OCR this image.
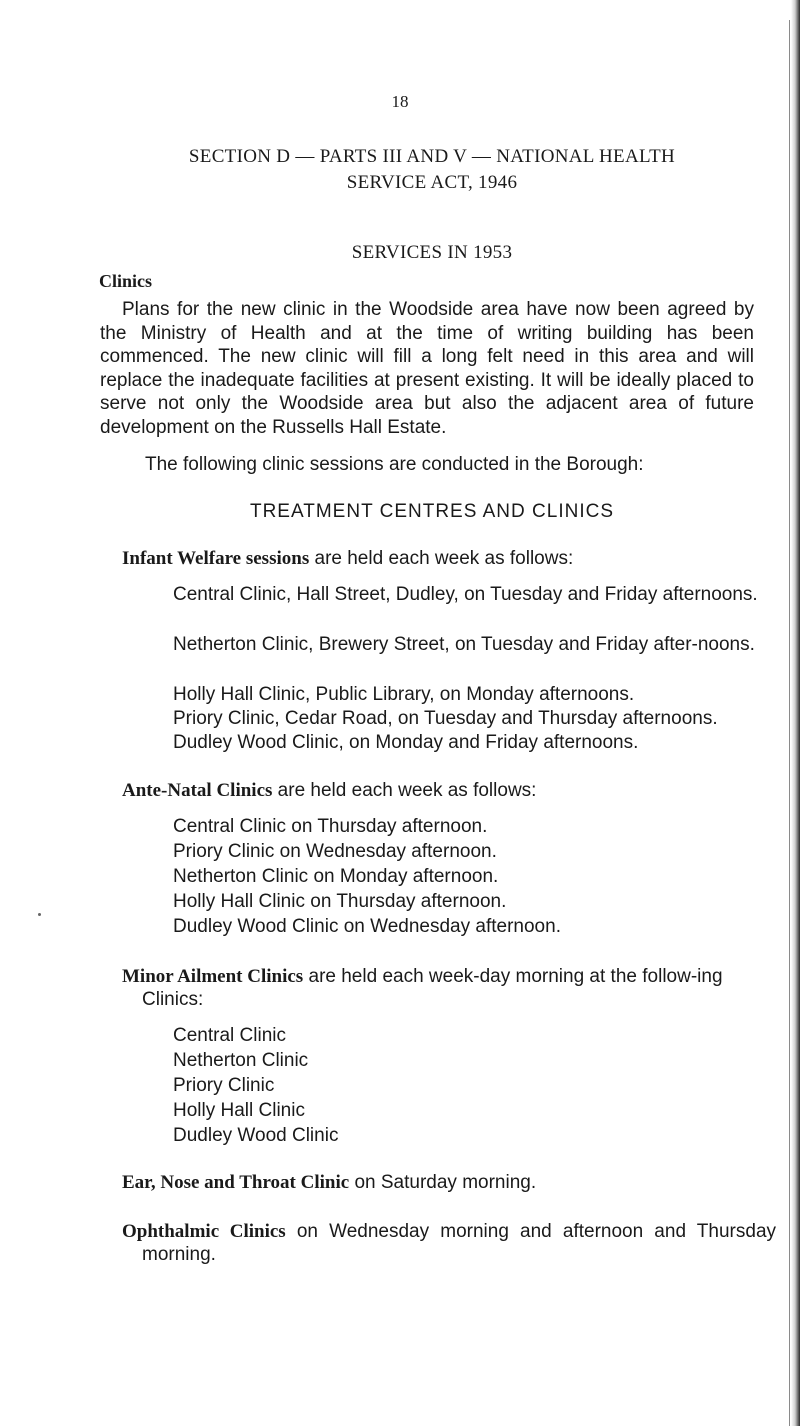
18
SECTION D — PARTS III AND V — NATIONAL HEALTH
SERVICE ACT, 1946
SERVICES IN 1953
Clinics

Plans for the new clinic in the Woodside area have now been agreed by the Ministry of Health and at the time of writing building has been commenced. The new clinic will fill a long felt need in this area and will replace the inadequate facilities at present existing. It will be ideally placed to serve not only the Woodside area but also the adjacent area of future development on the Russells Hall Estate.

The following clinic sessions are conducted in the Borough:
TREATMENT CENTRES AND CLINICS
Infant Welfare sessions are held each week as follows:
Central Clinic, Hall Street, Dudley, on Tuesday and Friday afternoons.
Netherton Clinic, Brewery Street, on Tuesday and Friday after-noons.
Holly Hall Clinic, Public Library, on Monday afternoons.
Priory Clinic, Cedar Road, on Tuesday and Thursday afternoons.
Dudley Wood Clinic, on Monday and Friday afternoons.
Ante-Natal Clinics are held each week as follows:
Central Clinic on Thursday afternoon.
Priory Clinic on Wednesday afternoon.
Netherton Clinic on Monday afternoon.
Holly Hall Clinic on Thursday afternoon.
Dudley Wood Clinic on Wednesday afternoon.
Minor Ailment Clinics are held each week-day morning at the follow-ing Clinics:
Central Clinic
Netherton Clinic
Priory Clinic
Holly Hall Clinic
Dudley Wood Clinic
Ear, Nose and Throat Clinic on Saturday morning.
Ophthalmic Clinics on Wednesday morning and afternoon and Thursday morning.
